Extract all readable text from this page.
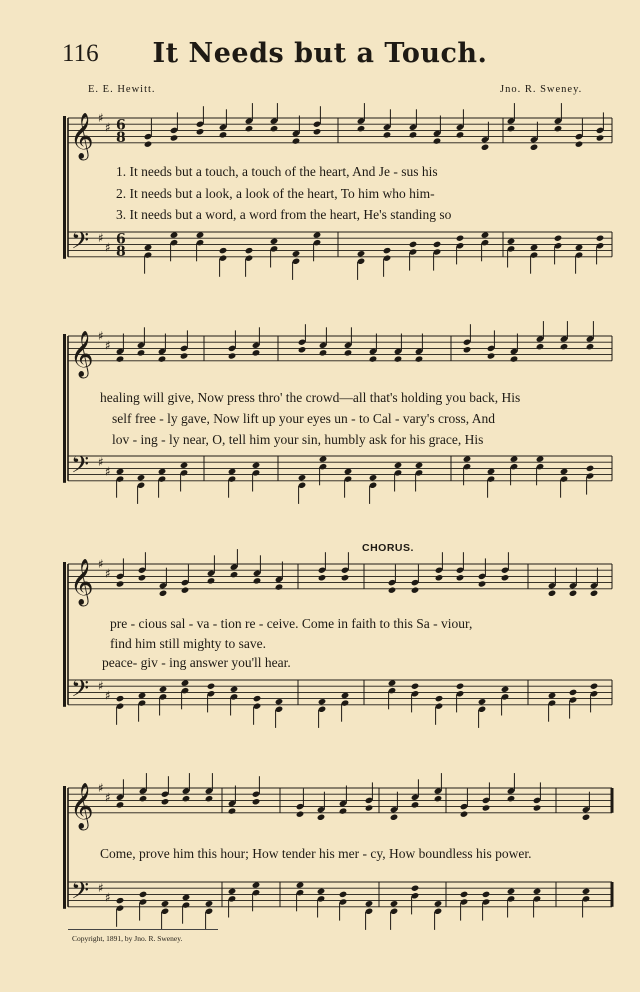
116	It Needs but a Touch.
E. E. Hewitt.	Jno. R. Sweney.
𝄞
𝄢
♯
♯
♯
♯
6
8
6
8
𝄞
𝄢
♯
♯
♯
♯
𝄞
𝄢
♯
♯
♯
♯
𝄞
𝄢
♯
♯
♯
♯
1. It needs but a touch, a touch of the heart, And Je - sus his
2. It needs but a look, a look of the heart, To him who him-
3. It needs but a word, a word from the heart, He's standing so
healing will give, Now press thro' the crowd—all that's holding you back, His
self free - ly gave, Now lift up your eyes un - to Cal - vary's cross, And
lov - ing - ly near, O, tell him your sin, humbly ask for his grace, His
CHORUS.
pre - cious sal - va - tion re - ceive. Come in faith to this Sa - viour,
find him still mighty to save.
peace- giv - ing answer you'll hear.
Come, prove him this hour; How tender his mer - cy, How boundless his power.
Copyright, 1891, by Jno. R. Sweney.
